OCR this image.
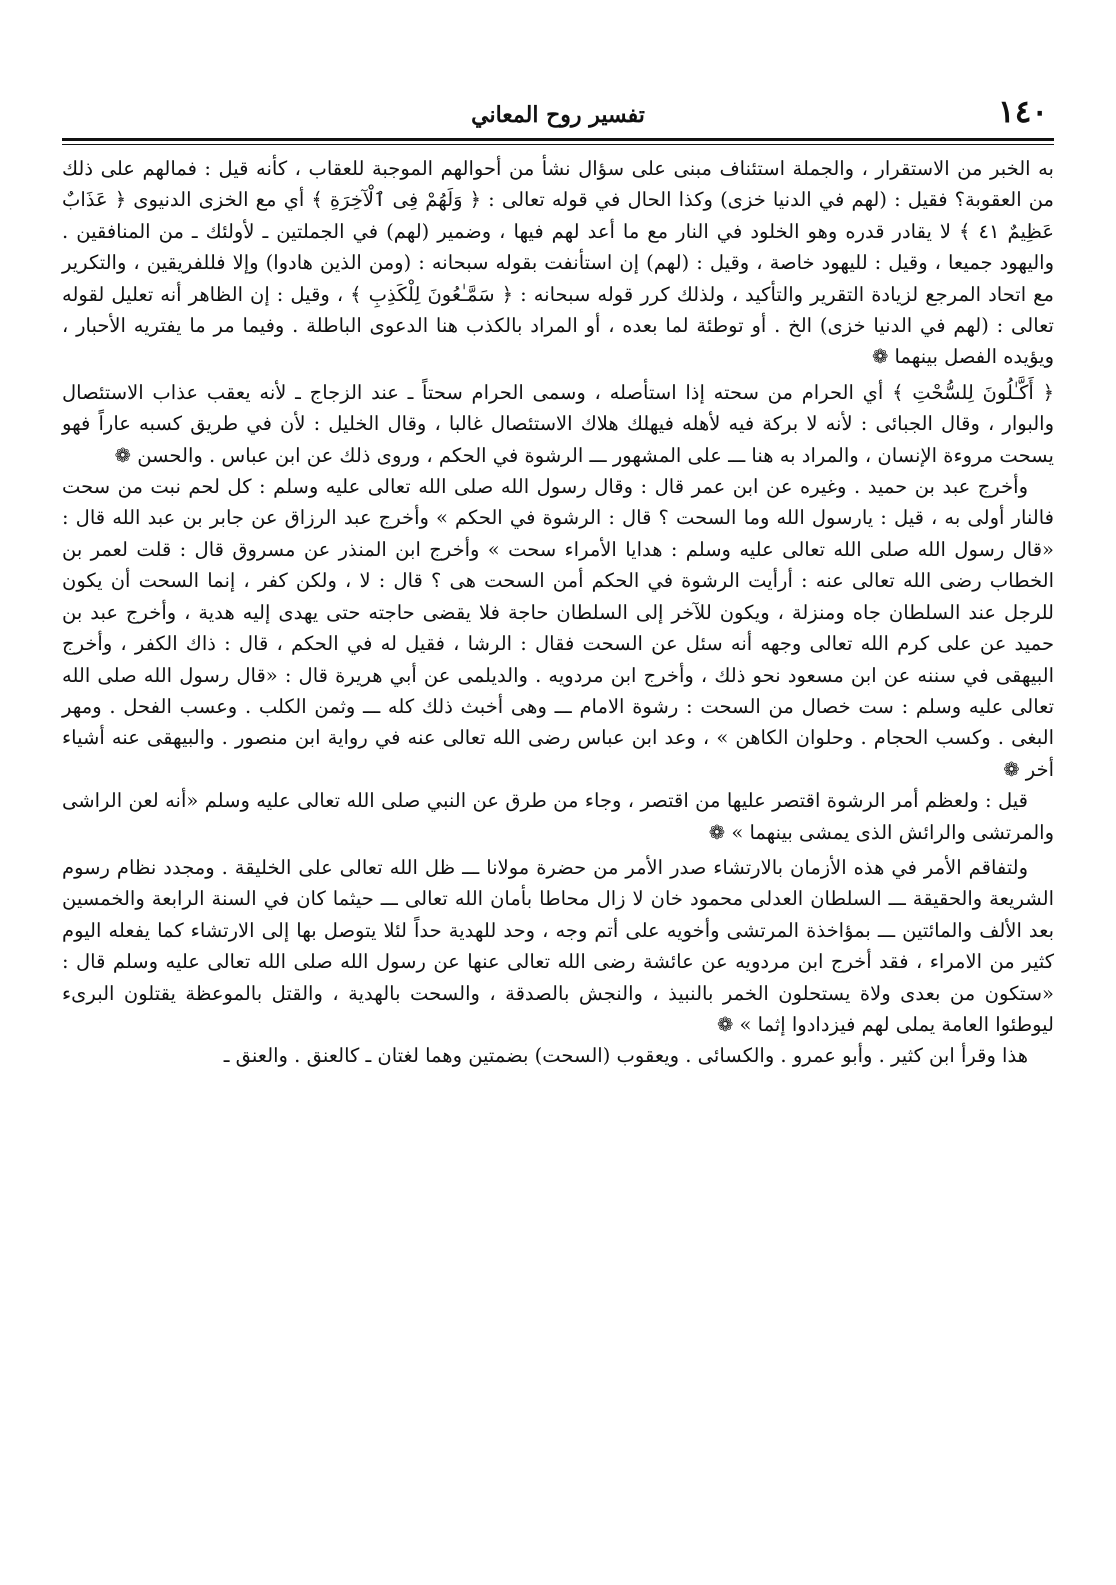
١٤٠
تفسير روح المعاني

به الخبر من الاستقرار ، والجملة استئناف مبنى على سؤال نشأ من أحوالهم الموجبة للعقاب ، كأنه قيل : فمالهم على ذلك من العقوبة؟ فقيل : (لهم في الدنيا خزى) وكذا الحال في قوله تعالى : ﴿ وَلَهُمْ فِى ٱلْآخِرَةِ ﴾ أي مع الخزى الدنيوى ﴿ عَذَابٌ عَظِيمٌ ٤١ ﴾ لا يقادر قدره وهو الخلود في النار مع ما أعد لهم فيها ، وضمير (لهم) في الجملتين ـ لأولئك ـ من المنافقين . واليهود جميعا ، وقيل : لليهود خاصة ، وقيل : (لهم) إن استأنفت بقوله سبحانه : (ومن الذين هادوا) وإلا فللفريقين ، والتكرير مع اتحاد المرجع لزيادة التقرير والتأكيد ، ولذلك كرر قوله سبحانه : ﴿ سَمَّـٰعُونَ لِلْكَذِبِ ﴾ ، وقيل : إن الظاهر أنه تعليل لقوله تعالى : (لهم في الدنيا خزى) الخ . أو توطئة لما بعده ، أو المراد بالكذب هنا الدعوى الباطلة . وفيما مر ما يفتريه الأحبار ، ويؤيده الفصل بينهما ❁

﴿ أَكَّـٰلُونَ لِلسُّحْتِ ﴾ أي الحرام من سحته إذا استأصله ، وسمى الحرام سحتاً ـ عند الزجاج ـ لأنه يعقب عذاب الاستئصال والبوار ، وقال الجبائى : لأنه لا بركة فيه لأهله فيهلك هلاك الاستئصال غالبا ، وقال الخليل : لأن في طريق كسبه عاراً فهو يسحت مروءة الإنسان ، والمراد به هنا ـــ على المشهور ـــ الرشوة في الحكم ، وروى ذلك عن ابن عباس . والحسن ❁

وأخرج عبد بن حميد . وغيره عن ابن عمر قال : وقال رسول الله صلى الله تعالى عليه وسلم : كل لحم نبت من سحت فالنار أولى به ، قيل : يارسول الله وما السحت ؟ قال : الرشوة في الحكم » وأخرج عبد الرزاق عن جابر بن عبد الله قال : «قال رسول الله صلى الله تعالى عليه وسلم : هدايا الأمراء سحت » وأخرج ابن المنذر عن مسروق قال : قلت لعمر بن الخطاب رضى الله تعالى عنه : أرأيت الرشوة في الحكم أمن السحت هى ؟ قال : لا ، ولكن كفر ، إنما السحت أن يكون للرجل عند السلطان جاه ومنزلة ، ويكون للآخر إلى السلطان حاجة فلا يقضى حاجته حتى يهدى إليه هدية ، وأخرج عبد بن حميد عن على كرم الله تعالى وجهه أنه سئل عن السحت فقال : الرشا ، فقيل له في الحكم ، قال : ذاك الكفر ، وأخرج البيهقى في سننه عن ابن مسعود نحو ذلك ، وأخرج ابن مردويه . والديلمى عن أبي هريرة قال : «قال رسول الله صلى الله تعالى عليه وسلم : ست خصال من السحت : رشوة الامام ـــ وهى أخبث ذلك كله ـــ وثمن الكلب . وعسب الفحل . ومهر البغى . وكسب الحجام . وحلوان الكاهن » ، وعد ابن عباس رضى الله تعالى عنه في رواية ابن منصور . والبيهقى عنه أشياء أخر ❁

قيل : ولعظم أمر الرشوة اقتصر عليها من اقتصر ، وجاء من طرق عن النبي صلى الله تعالى عليه وسلم «أنه لعن الراشى والمرتشى والرائش الذى يمشى بينهما » ❁

ولتفاقم الأمر في هذه الأزمان بالارتشاء صدر الأمر من حضرة مولانا ـــ ظل الله تعالى على الخليقة . ومجدد نظام رسوم الشريعة والحقيقة ـــ السلطان العدلى محمود خان لا زال محاطا بأمان الله تعالى ـــ حيثما كان في السنة الرابعة والخمسين بعد الألف والمائتين ـــ بمؤاخذة المرتشى وأخويه على أتم وجه ، وحد للهدية حداً لئلا يتوصل بها إلى الارتشاء كما يفعله اليوم كثير من الامراء ، فقد أخرج ابن مردويه عن عائشة رضى الله تعالى عنها عن رسول الله صلى الله تعالى عليه وسلم قال : «ستكون من بعدى ولاة يستحلون الخمر بالنبيذ ، والنجش بالصدقة ، والسحت بالهدية ، والقتل بالموعظة يقتلون البرىء ليوطئوا العامة يملى لهم فيزدادوا إثما » ❁

هذا وقرأ ابن كثير . وأبو عمرو . والكسائى . ويعقوب (السحت) بضمتين وهما لغتان ـ كالعنق . والعنق ـ
